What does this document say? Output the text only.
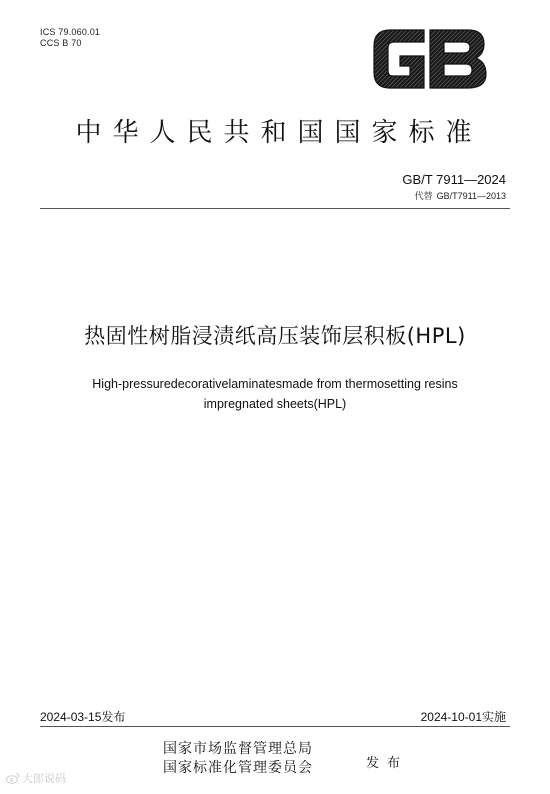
ICS 79.060.01
CCS B 70
GB
中华人民共和国国家标准
GB/T 7911—2024
代替 GB/T7911—2013
热固性树脂浸渍纸高压装饰层积板(HPL)
High-pressuredecorativelaminatesmade from thermosetting resins
impregnated sheets(HPL)
2024-03-15发布	2024-10-01实施
国家市场监督管理总局
国家标准化管理委员会	发布
大郎说码
